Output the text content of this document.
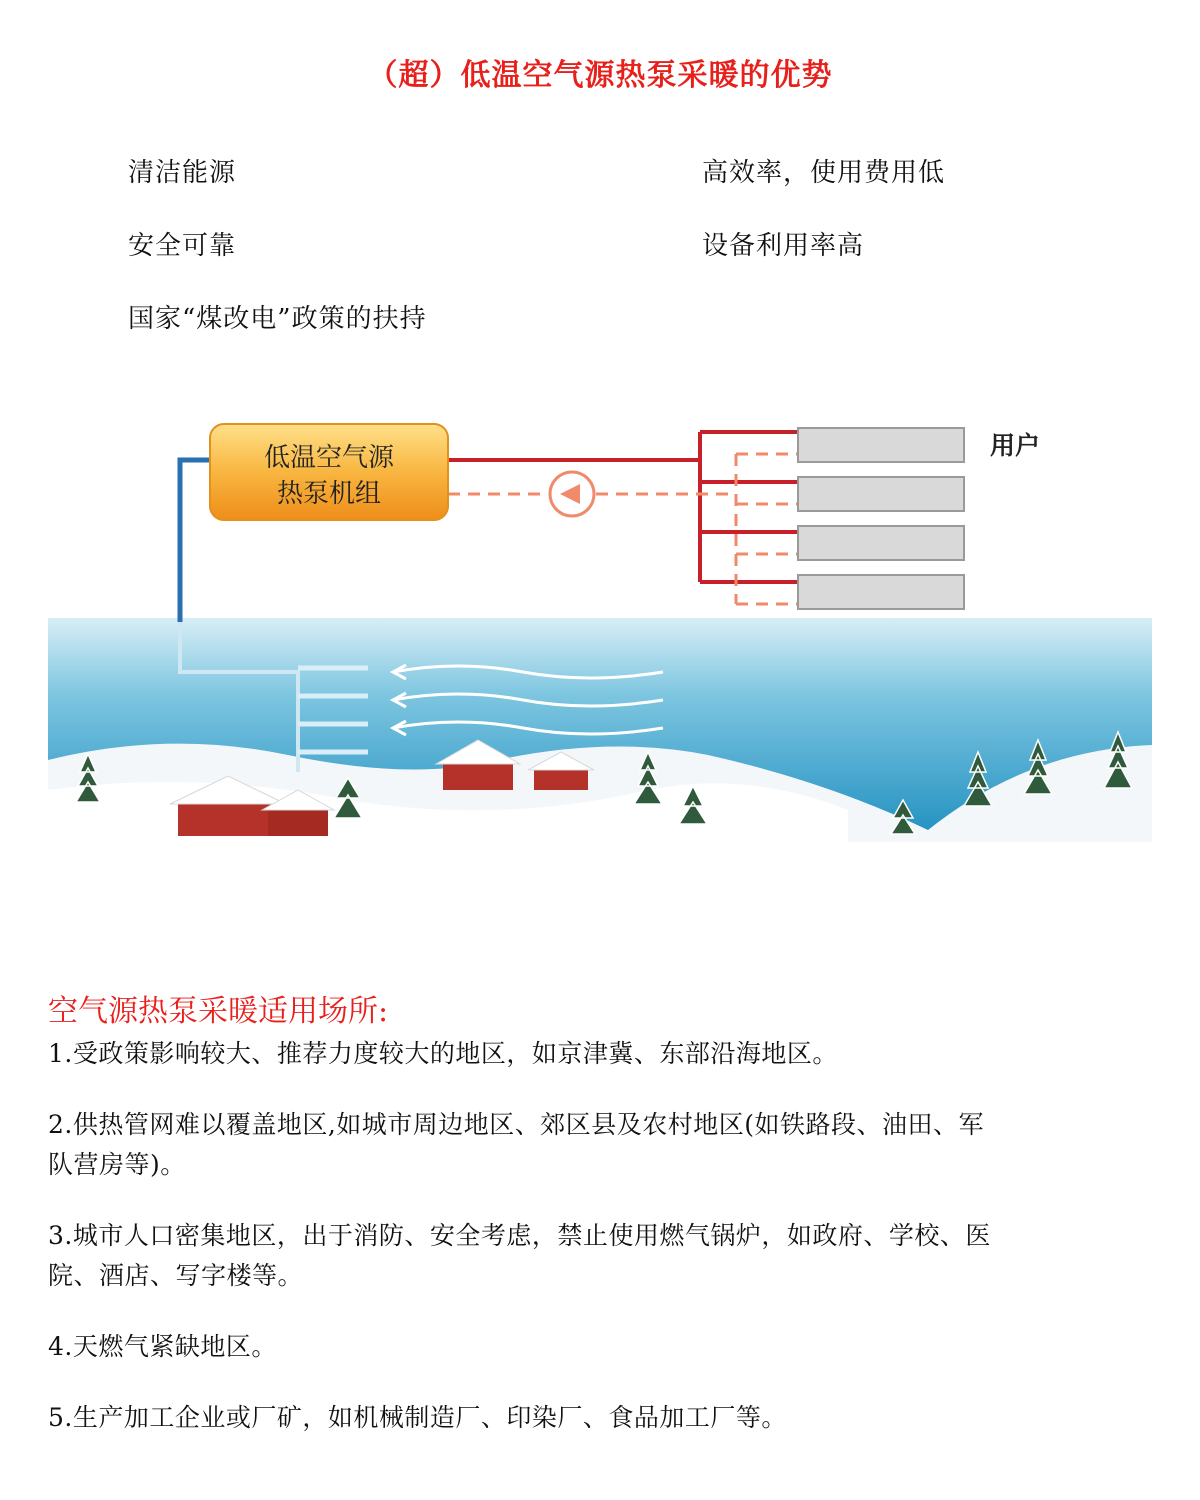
（超）低温空气源热泵采暖的优势
清洁能源	高效率，使用费用低
安全可靠	设备利用率高
国家“煤改电”政策的扶持
低温空气源
热泵机组
用户
空气源热泵采暖适用场所:

1.受政策影响较大、推荐力度较大的地区，如京津冀、东部沿海地区。

2.供热管网难以覆盖地区,如城市周边地区、郊区县及农村地区(如铁路段、油田、军队营房等)。

3.城市人口密集地区，出于消防、安全考虑，禁止使用燃气锅炉，如政府、学校、医院、酒店、写字楼等。

4.天燃气紧缺地区。

5.生产加工企业或厂矿，如机械制造厂、印染厂、食品加工厂等。
